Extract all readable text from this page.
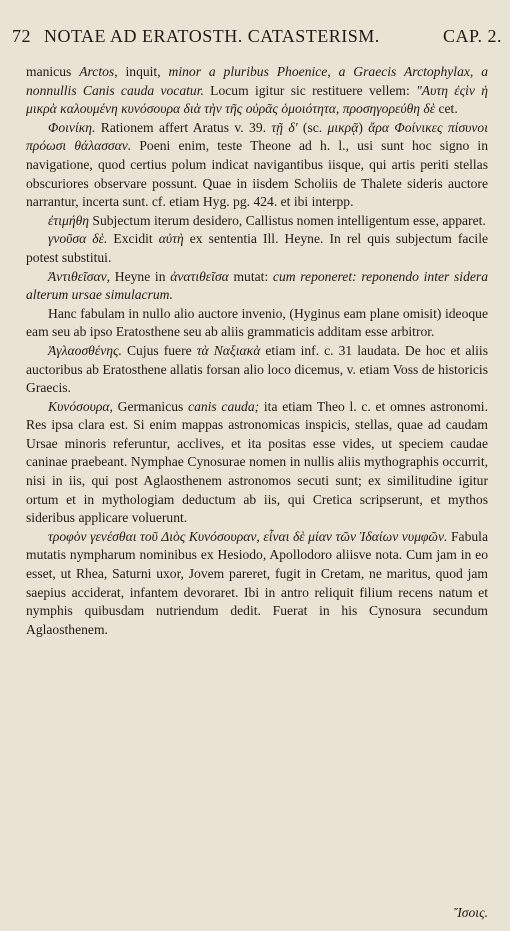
72 NOTAE AD ERATOSTH. CATASTERISM.	CAP. 2.

manicus Arctos, inquit, minor a pluribus Phoenice, a Graecis Arctophylax, a nonnullis Canis cauda vocatur. Locum igitur sic restituere vellem: "Αυτη ἐςὶν ἡ μικρὰ καλουμένη κυνόσουρα διὰ τὴν τῆς οὐρᾶς ὁμοιότητα, προσηγορεύθη δὲ cet.

Φοινίκη. Rationem affert Aratus v. 39. τῇ δ' (sc. μικρᾷ) ἄρα Φοίνικες πίσυνοι πρόωσι θάλασσαν. Poeni enim, teste Theone ad h. l., usi sunt hoc signo in navigatione, quod certius polum indicat navigantibus iisque, qui artis periti stellas obscuriores observare possunt. Quae in iisdem Scholiis de Thalete sideris auctore narrantur, incerta sunt. cf. etiam Hyg. pg. 424. et ibi interpp.

ἐτιμήθη Subjectum iterum desidero, Callistus nomen intelligentum esse, apparet.

γνοῦσα δὲ. Excidit αὐτὴ ex sententia Ill. Heyne. In rel quis subjectum facile potest substitui.

Ἀντιθεῖσαν, Heyne in ἀνατιθεῖσα mutat: cum reponeret: reponendo inter sidera alterum ursae simulacrum.

Hanc fabulam in nullo alio auctore invenio, (Hyginus eam plane omisit) ideoque eam seu ab ipso Eratosthene seu ab aliis grammaticis additam esse arbitror.

Ἀγλαοσθένης. Cujus fuere τὰ Ναξιακὰ etiam inf. c. 31 laudata. De hoc et aliis auctoribus ab Eratosthene allatis forsan alio loco dicemus, v. etiam Voss de historicis Graecis.

Κυνόσουρα, Germanicus canis cauda; ita etiam Theo l. c. et omnes astronomi. Res ipsa clara est. Si enim mappas astronomicas inspicis, stellas, quae ad caudam Ursae minoris referuntur, acclives, et ita positas esse vides, ut speciem caudae caninae praebeant. Nymphae Cynosurae nomen in nullis aliis mythographis occurrit, nisi in iis, qui post Aglaosthenem astronomos secuti sunt; ex similitudine igitur ortum et in mythologiam deductum ab iis, qui Cretica scripserunt, et mythos sideribus applicare voluerunt.

τροφὸν γενέσθαι τοῦ Διὸς Κυνόσουραν, εἶναι δὲ μίαν τῶν Ἰδαίων νυμφῶν. Fabula mutatis nympharum nominibus ex Hesiodo, Apollodoro aliisve nota. Cum jam in eo esset, ut Rhea, Saturni uxor, Jovem pareret, fugit in Cretam, ne maritus, quod jam saepius acciderat, infantem devoraret. Ibi in antro reliquit filium recens natum et nymphis quibusdam nutriendum dedit. Fuerat in his Cynosura secundum Aglaosthenem.

Ἴσοις.
